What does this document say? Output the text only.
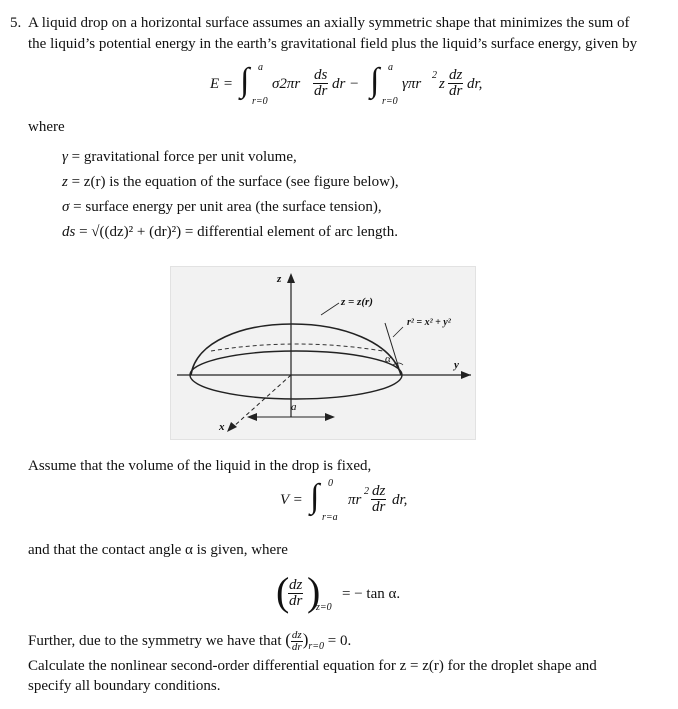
5. A liquid drop on a horizontal surface assumes an axially symmetric shape that minimizes the sum of
the liquid’s potential energy in the earth’s gravitational field plus the liquid’s surface energy, given by
E = ∫ a
r=0
$\sigma 2\pi r \frac{ds}{dr}$ dr − ∫ a
r=0
γπr
2
z $\frac{dz}{dr}$ dr,
where
γ = gravitational force per unit volume,
z = z(r) is the equation of the surface (see figure below),
σ = surface energy per unit area (the surface tension),
ds = √((dz)² + (dr)²) = differential element of arc length.
z
z = z(r)
r² = x² + y²
α	y
x
a
Assume that the volume of the liquid in the drop is fixed,
V = ∫ 0
r=a
πr
$2 \frac{dz}{dr}$ dr,
and that the contact angle α is given, where
(
$\frac{dz}{dr}$ )
z=0
= − tan α.
Further, due to the symmetry we have that ( $\frac{dz}{dr} )_{r=0} = 0$.
Calculate the nonlinear second-order differential equation for z = z(r) for the droplet shape and
specify all boundary conditions.
